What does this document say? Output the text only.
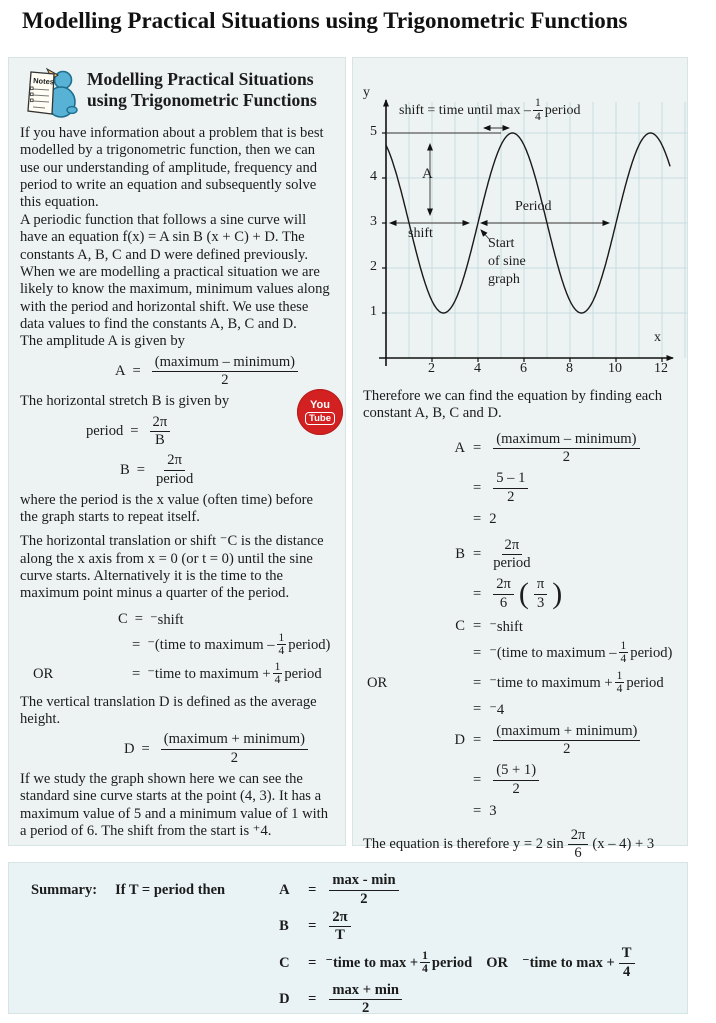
Modelling Practical Situations using Trigonometric Functions
Notes Modelling Practical Situations
using Trigonometric Functions

If you have information about a problem that is best modelled by a trigonometric function, then we can use our understanding of amplitude, frequency and period to write an equation and subsequently solve this equation.

A periodic function that follows a sine curve will have an equation f(x) = A sin B (x + C) + D. The constants A, B, C and D were defined previously. When we are modelling a practical situation we are likely to know the maximum, minimum values along with the period and horizontal shift. We use these data values to find the constants A, B, C and D.

The amplitude A is given by

$A = \frac{\text{(maximum – minimum)}}{2}$

The horizontal stretch B is given by

period = $\frac{2\pi}{B}$
$B = \frac{2\pi}{\text{period}}$

where the period is the x value (often time) before the graph starts to repeat itself.

The horizontal translation or shift ⁻C is the distance along the x axis from x = 0 (or t = 0) until the sine curve starts. Alternatively it is the time to the maximum point minus a quarter of the period.

C = ⁻shift
= ⁻(time to maximum – $\frac{1}{4}$ period)
OR	= ⁻time to maximum + $\frac{1}{4}$ period

The vertical translation D is defined as the average height.

$D = \frac{\text{(maximum + minimum)}}{2}$

If we study the graph shown here we can see the standard sine curve starts at the point (4, 3). It has a maximum value of 5 and a minimum value of 1 with a period of 6. The shift from the start is ⁺4.

You
Tube
y
x
5
4
3
2
1
2	4	6	8	10 12
shift = time until max – $\frac{1}{4}$ period
A
Period
shift
Start
of sine
graph

Therefore we can find the equation by finding each constant A, B, C and D.

$A = \frac{\text{(maximum – minimum)}}{2}$
= $\frac{5 - 1}{2}$
= 2
$B = \frac{2\pi}{\text{period}}$
= $\frac{2\pi}{6}$ ( $\frac{\pi}{3}$ )
C = ⁻shift
= ⁻(time to maximum – $\frac{1}{4}$ period)
OR	= ⁻time to maximum + $\frac{1}{4}$ period
= ⁻4
$D = \frac{\text{(maximum + minimum)}}{2}$
= $\frac{(5 + 1)}{2}$
= 3
The equation is therefore y = 2 $\sin \frac{2\pi}{6} (x - 4) + 3$
Summary: If T = period then	A	= $\frac{\max - \min}{2}$
B	= $\frac{2\pi}{T}$
C	= ⁻time to $\max + \frac{1}{4}$ period OR ⁻time to $\max + \frac{T}{4}$
D	= $\frac{\max + \min}{2}$
